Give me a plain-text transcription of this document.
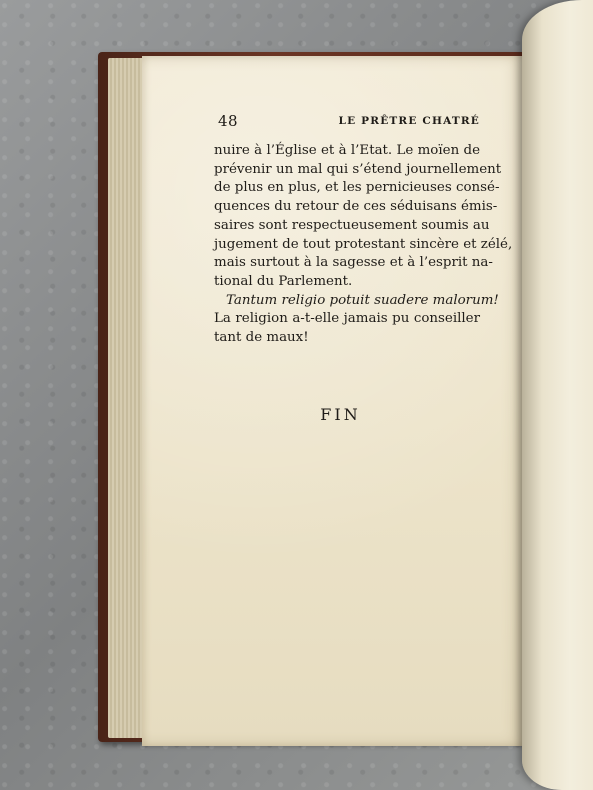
48	LE PRÊTRE CHATRÉ
nuire à l’Église et à l’Etat. Le moïen de
prévenir un mal qui s’étend journellement
de plus en plus, et les pernicieuses consé-
quences du retour de ces séduisans émis-
saires sont respectueusement soumis au
jugement de tout protestant sincère et zélé,
mais surtout à la sagesse et à l’esprit na-
tional du Parlement.
Tantum religio potuit suadere malorum!
La religion a-t-elle jamais pu conseiller
tant de maux!
FIN
